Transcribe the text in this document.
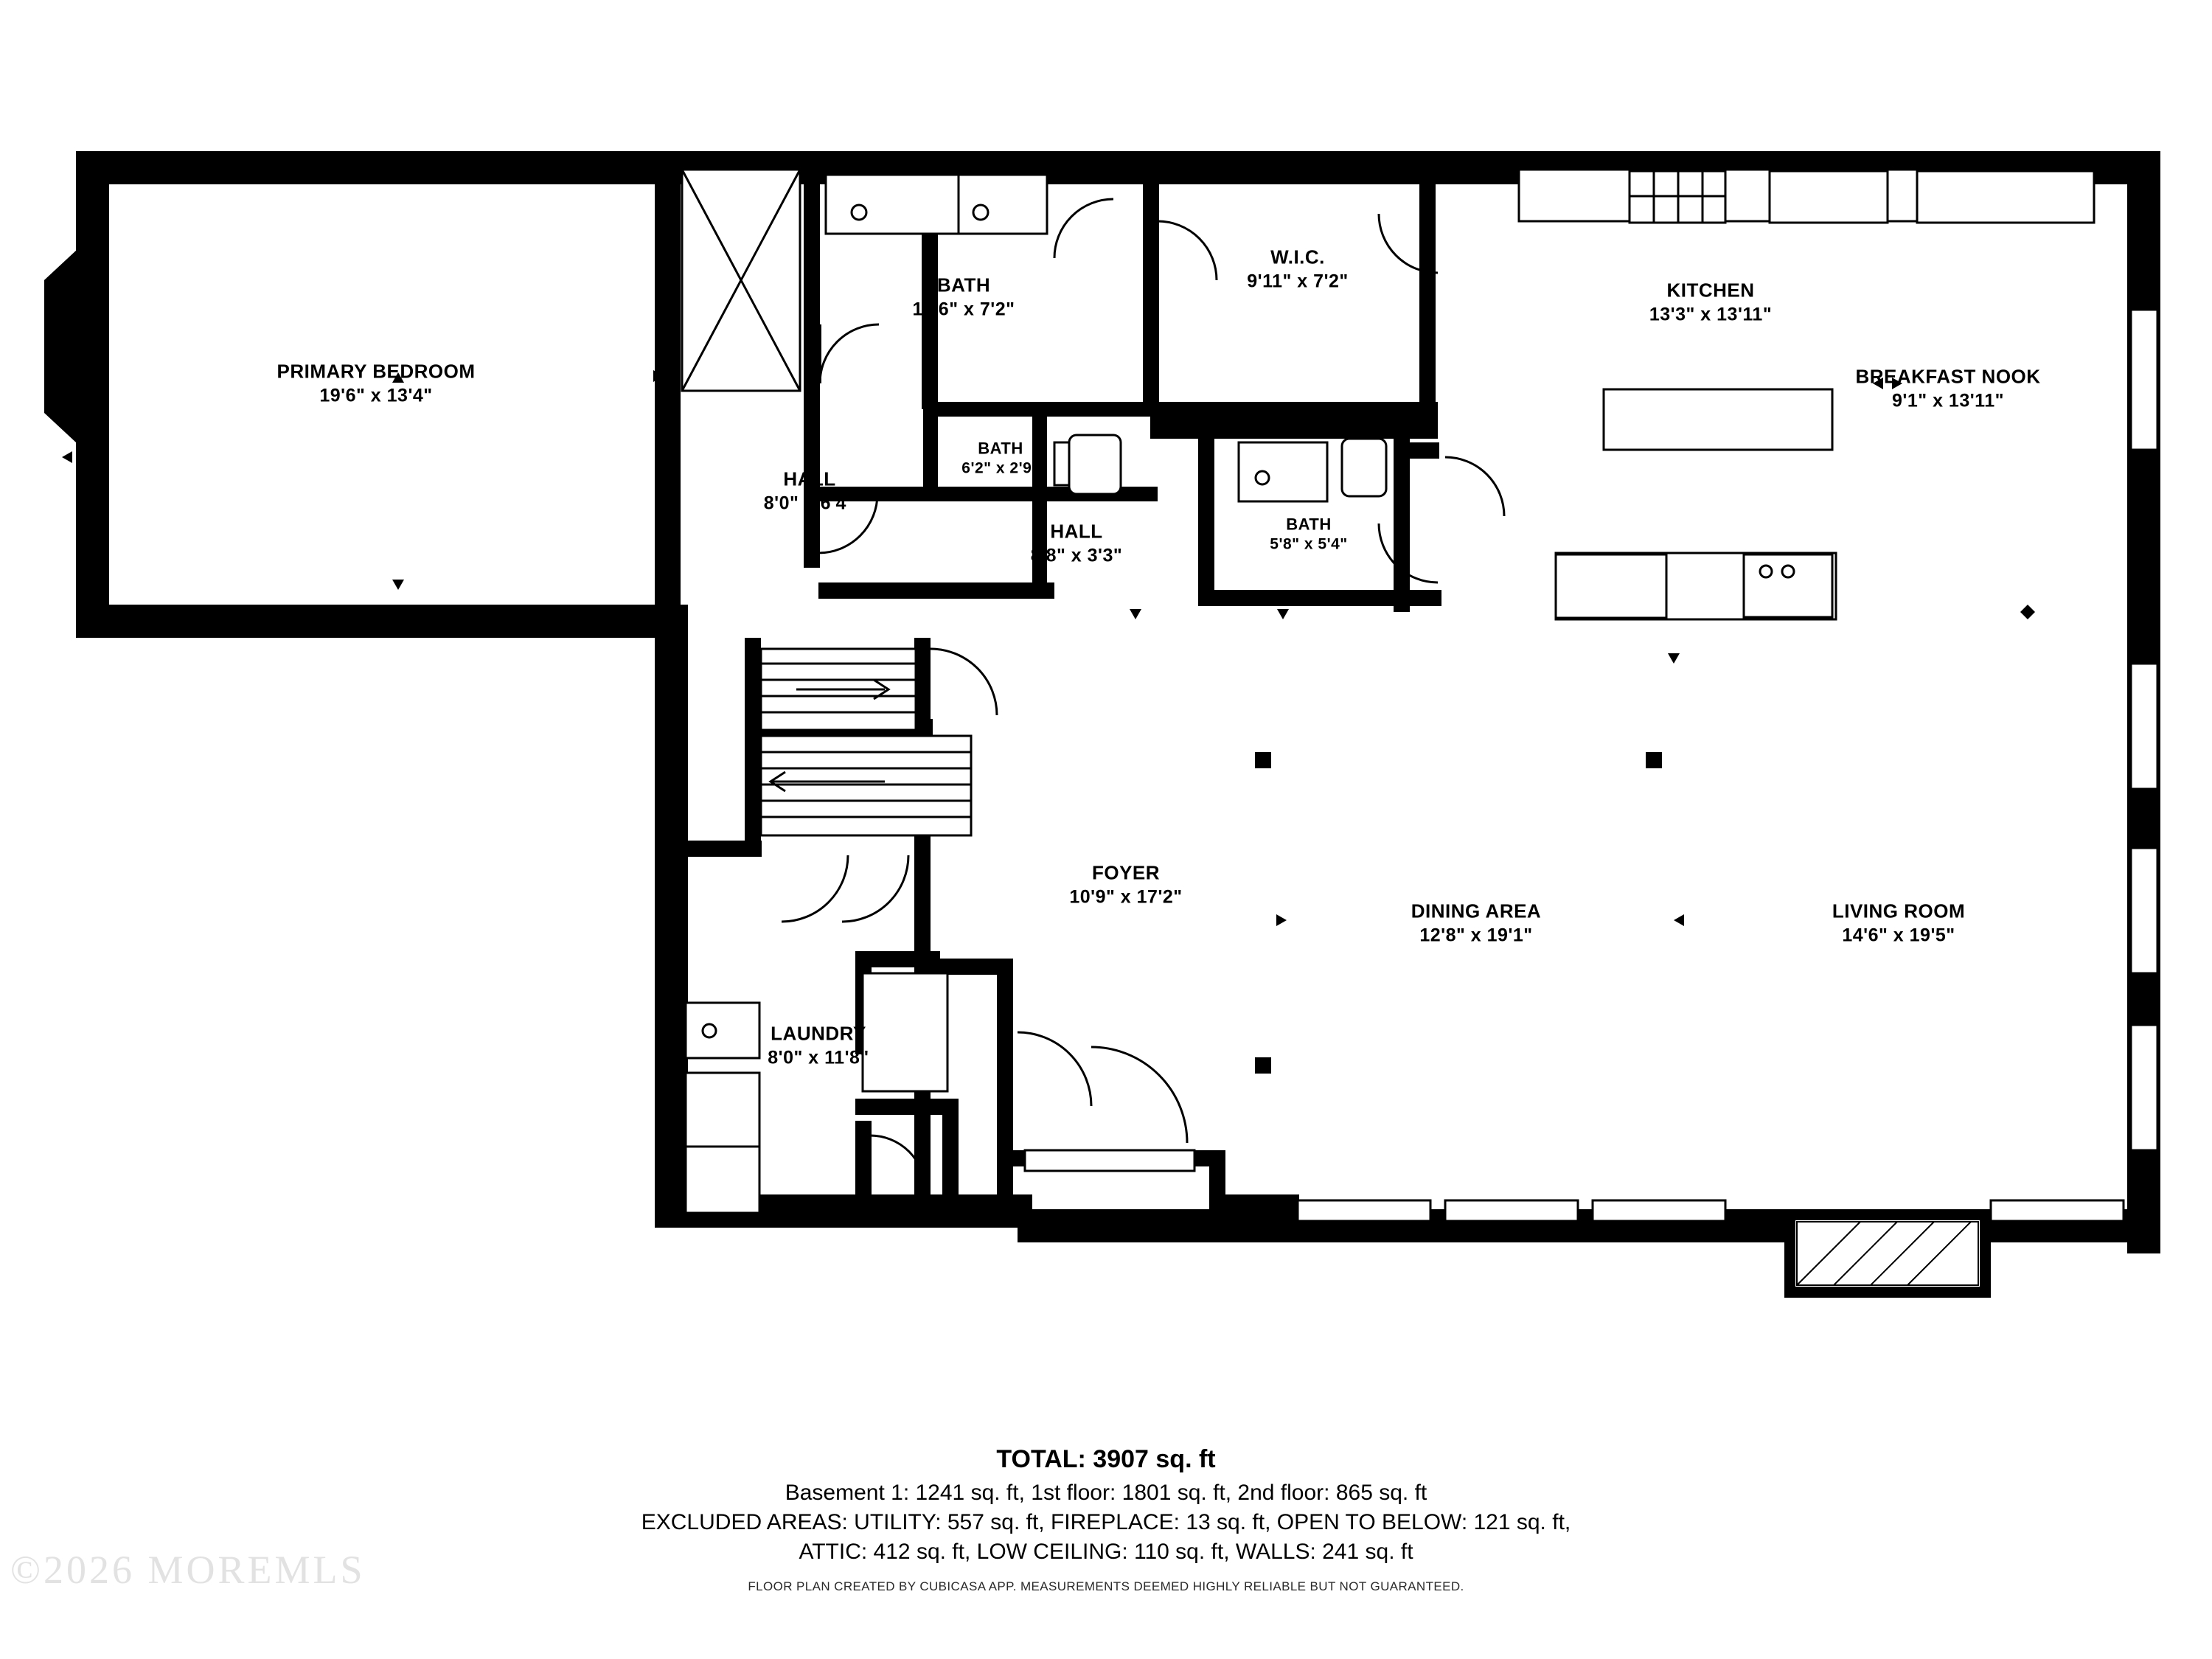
PRIMARY BEDROOM
19'6" x 13'4"
BATH
14'6" x 7'2"
W.I.C.
9'11" x 7'2"	KITCHEN
13'3" x 13'11"
BREAKFAST NOOK
9'1" x 13'11"
BATH
6'2" x 2'9"
HALL
8'0" x 6'4"
HALL
8'8" x 3'3"
BATH
5'8" x 5'4"
FOYER
10'9" x 17'2"
DINING AREA
12'8" x 19'1"
LIVING ROOM
14'6" x 19'5"
LAUNDRY
8'0" x 11'8"
TOTAL: 3907 sq. ft
Basement 1: 1241 sq. ft, 1st floor: 1801 sq. ft, 2nd floor: 865 sq. ft
EXCLUDED AREAS: UTILITY: 557 sq. ft, FIREPLACE: 13 sq. ft, OPEN TO BELOW: 121 sq. ft,
ATTIC: 412 sq. ft, LOW CEILING: 110 sq. ft, WALLS: 241 sq. ft
FLOOR PLAN CREATED BY CUBICASA APP. MEASUREMENTS DEEMED HIGHLY RELIABLE BUT NOT GUARANTEED.
©2026 MOREMLS
